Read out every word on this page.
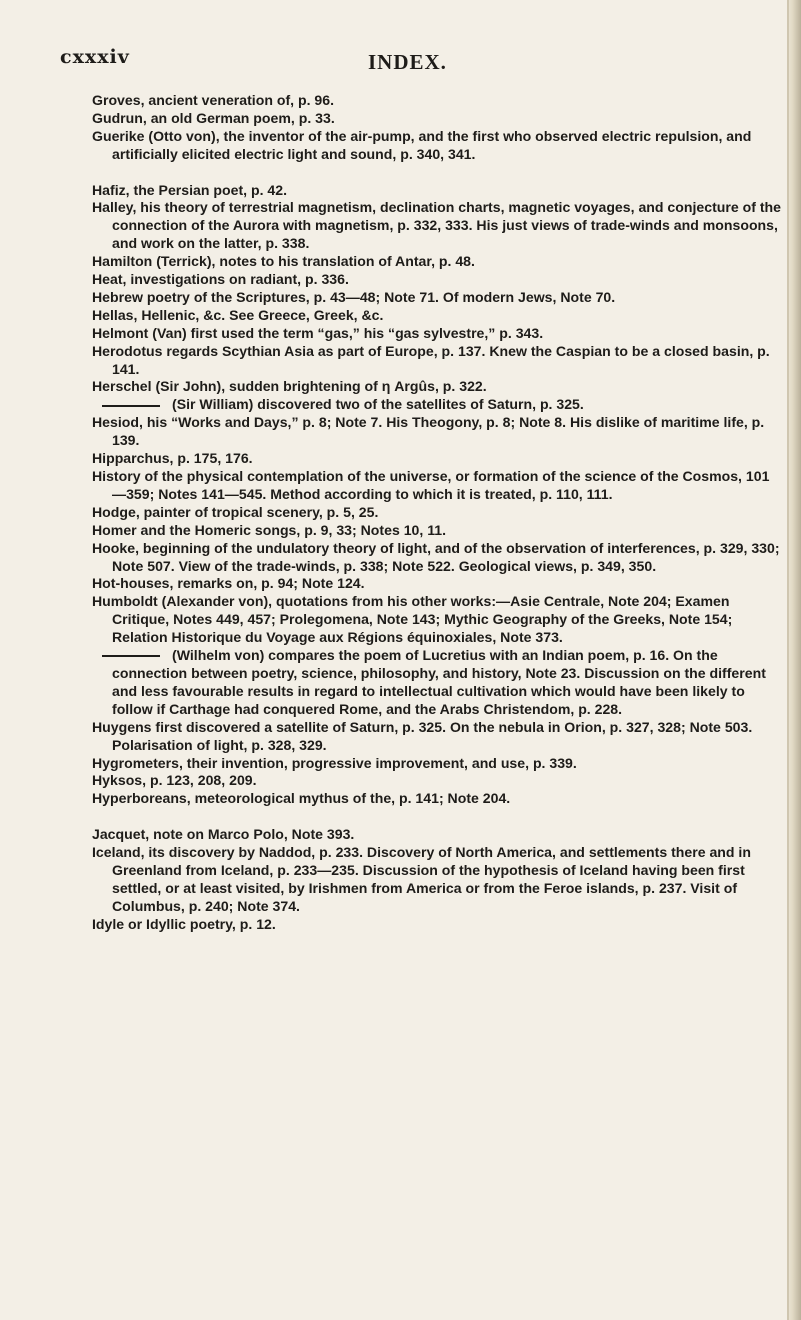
cxxxiv	INDEX.

Groves, ancient veneration of, p. 96.

Gudrun, an old German poem, p. 33.

Guerike (Otto von), the inventor of the air-pump, and the first who observed electric repulsion, and artificially elicited electric light and sound, p. 340, 341.

Hafiz, the Persian poet, p. 42.

Halley, his theory of terrestrial magnetism, declination charts, magnetic voyages, and conjecture of the connection of the Aurora with magnetism, p. 332, 333. His just views of trade-winds and monsoons, and work on the latter, p. 338.

Hamilton (Terrick), notes to his translation of Antar, p. 48.

Heat, investigations on radiant, p. 336.

Hebrew poetry of the Scriptures, p. 43—48; Note 71. Of modern Jews, Note 70.

Hellas, Hellenic, &c. See Greece, Greek, &c.

Helmont (Van) first used the term “gas,” his “gas sylvestre,” p. 343.

Herodotus regards Scythian Asia as part of Europe, p. 137. Knew the Caspian to be a closed basin, p. 141.

Herschel (Sir John), sudden brightening of η Argûs, p. 322.

(Sir William) discovered two of the satellites of Saturn, p. 325.

Hesiod, his “Works and Days,” p. 8; Note 7. His Theogony, p. 8; Note 8. His dislike of maritime life, p. 139.

Hipparchus, p. 175, 176.

History of the physical contemplation of the universe, or formation of the science of the Cosmos, 101—359; Notes 141—545. Method according to which it is treated, p. 110, 111.

Hodge, painter of tropical scenery, p. 5, 25.

Homer and the Homeric songs, p. 9, 33; Notes 10, 11.

Hooke, beginning of the undulatory theory of light, and of the observation of interferences, p. 329, 330; Note 507. View of the trade-winds, p. 338; Note 522. Geological views, p. 349, 350.

Hot-houses, remarks on, p. 94; Note 124.

Humboldt (Alexander von), quotations from his other works:—Asie Centrale, Note 204; Examen Critique, Notes 449, 457; Prolegomena, Note 143; Mythic Geography of the Greeks, Note 154; Relation Historique du Voyage aux Régions équinoxiales, Note 373.

(Wilhelm von) compares the poem of Lucretius with an Indian poem, p. 16. On the connection between poetry, science, philosophy, and history, Note 23. Discussion on the different and less favourable results in regard to intellectual cultivation which would have been likely to follow if Carthage had conquered Rome, and the Arabs Christendom, p. 228.

Huygens first discovered a satellite of Saturn, p. 325. On the nebula in Orion, p. 327, 328; Note 503. Polarisation of light, p. 328, 329.

Hygrometers, their invention, progressive improvement, and use, p. 339.

Hyksos, p. 123, 208, 209.

Hyperboreans, meteorological mythus of the, p. 141; Note 204.

Jacquet, note on Marco Polo, Note 393.

Iceland, its discovery by Naddod, p. 233. Discovery of North America, and settlements there and in Greenland from Iceland, p. 233—235. Discussion of the hypothesis of Iceland having been first settled, or at least visited, by Irishmen from America or from the Feroe islands, p. 237. Visit of Columbus, p. 240; Note 374.

Idyle or Idyllic poetry, p. 12.
